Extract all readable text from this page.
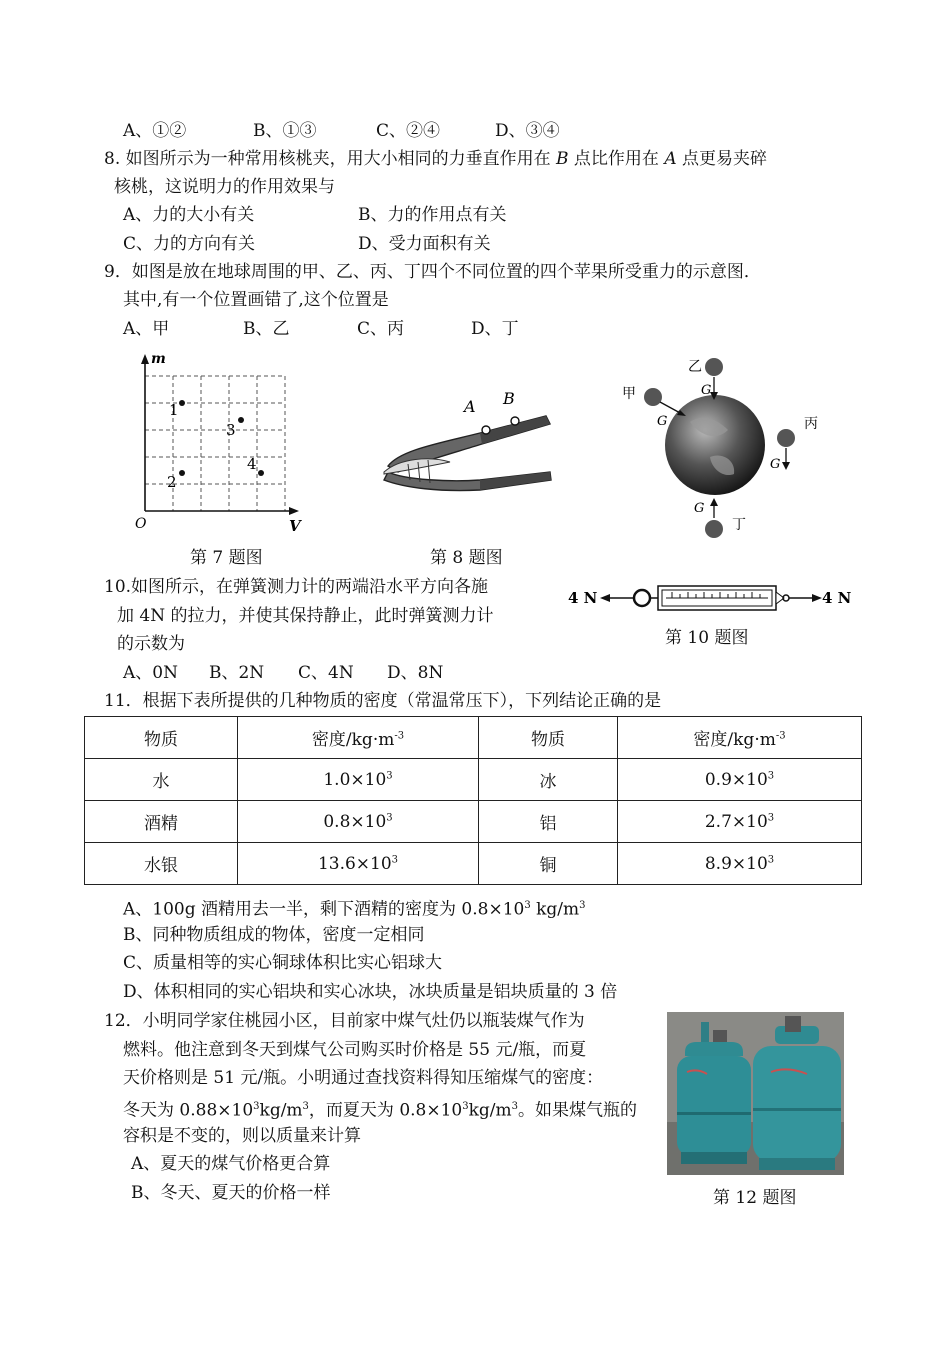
A、①②	B、①③	C、②④	D、③④
8. 如图所示为一种常用核桃夹，用大小相同的力垂直作用在 B 点比作用在 A 点更易夹碎
核桃，这说明力的作用效果与
A、力的大小有关	B、力的作用点有关
C、力的方向有关	D、受力面积有关
9．如图是放在地球周围的甲、乙、丙、丁四个不同位置的四个苹果所受重力的示意图．
其中,有一个位置画错了,这个位置是
A、甲	B、乙	C、丙	D、丁
m
V
O
1
2
3
4
第 7 题图
A B
第 8 题图
甲
G
乙
G
丙
G
丁
G
10.如图所示，在弹簧测力计的两端沿水平方向各施
加 4N 的拉力，并使其保持静止，此时弹簧测力计
的示数为
A、0N B、2N C、4N D、8N
4 N	4 N
第 10 题图
11．根据下表所提供的几种物质的密度（常温常压下），下列结论正确的是
物质	密度$/kg\cdot m^{-3}$	物质	密度$/kg\cdot m^{-3}$
水	$1.0\times 10^3$	冰	$0.9\times 10^3$
酒精	$0.8\times 10^3$	铝	$2.7\times 10^3$
水银	$13.6\times 10^3$	铜	$8.9\times 10^3$
A、100g 酒精用去一半，剩下酒精的密度为 $0.8\times 10^3$ $kg/m^3$
B、同种物质组成的物体，密度一定相同
C、质量相等的实心铜球体积比实心铝球大
D、体积相同的实心铝块和实心冰块，冰块质量是铝块质量的 3 倍
12．小明同学家住桃园小区，目前家中煤气灶仍以瓶装煤气作为
燃料。他注意到冬天到煤气公司购买时价格是 55 元/瓶，而夏
天价格则是 51 元/瓶。小明通过查找资料得知压缩煤气的密度：
冬天为 $0.88\times 10^3kg/m^3$，而夏天为 $0.8\times 10^3kg/m^3$。如果煤气瓶的
容积是不变的，则以质量来计算
A、夏天的煤气价格更合算
B、冬天、夏天的价格一样	第 12 题图
